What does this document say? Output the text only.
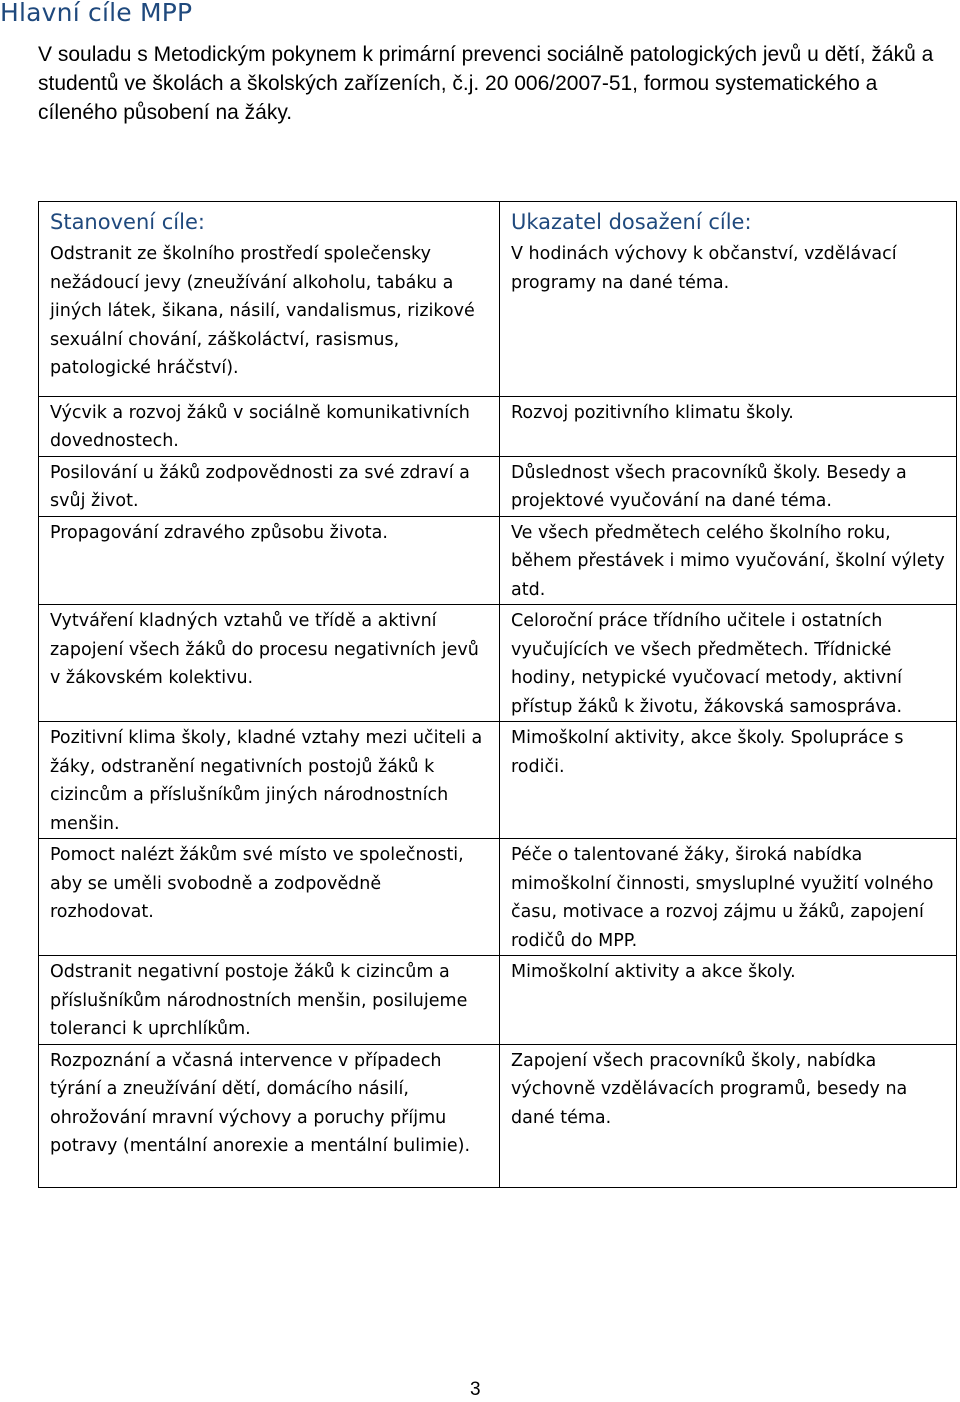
Hlavní cíle MPP
V souladu s Metodickým pokynem k primární prevenci sociálně patologických jevů u dětí, žáků a studentů ve školách a školských zařízeních, č.j. 20 006/2007-51, formou systematického a cíleného působení na žáky.
Stanovení cíle:	Ukazatel dosažení cíle:
Odstranit ze školního prostředí společensky nežádoucí jevy (zneužívání alkoholu, tabáku a jiných látek, šikana, násilí, vandalismus, rizikové sexuální chování, záškoláctví, rasismus, patologické hráčství).	V hodinách výchovy k občanství, vzdělávací programy na dané téma.
Výcvik a rozvoj žáků v sociálně komunikativních dovednostech.	Rozvoj pozitivního klimatu školy.
Posilování u žáků zodpovědnosti za své zdraví a svůj život.	Důslednost všech pracovníků školy. Besedy a projektové vyučování na dané téma.
Propagování zdravého způsobu života.	Ve všech předmětech celého školního roku, během přestávek i mimo vyučování, školní výlety atd.
Vytváření kladných vztahů ve třídě a aktivní zapojení všech žáků do procesu negativních jevů v žákovském kolektivu.	Celoroční práce třídního učitele i ostatních vyučujících ve všech předmětech. Třídnické hodiny, netypické vyučovací metody, aktivní přístup žáků k životu, žákovská samospráva.
Pozitivní klima školy, kladné vztahy mezi učiteli a žáky, odstranění negativních postojů žáků k cizincům a příslušníkům jiných národnostních menšin.	Mimoškolní aktivity, akce školy. Spolupráce s rodiči.
Pomoct nalézt žákům své místo ve společnosti, aby se uměli svobodně a zodpovědně rozhodovat.	Péče o talentované žáky, široká nabídka mimoškolní činnosti, smysluplné využití volného času, motivace a rozvoj zájmu u žáků, zapojení rodičů do MPP.
Odstranit negativní postoje žáků k cizincům a příslušníkům národnostních menšin, posilujeme toleranci k uprchlíkům.	Mimoškolní aktivity a akce školy.
Rozpoznání a včasná intervence v případech týrání a zneužívání dětí, domácího násilí, ohrožování mravní výchovy a poruchy příjmu potravy (mentální anorexie a mentální bulimie).	Zapojení všech pracovníků školy, nabídka výchovně vzdělávacích programů, besedy na dané téma.
3
